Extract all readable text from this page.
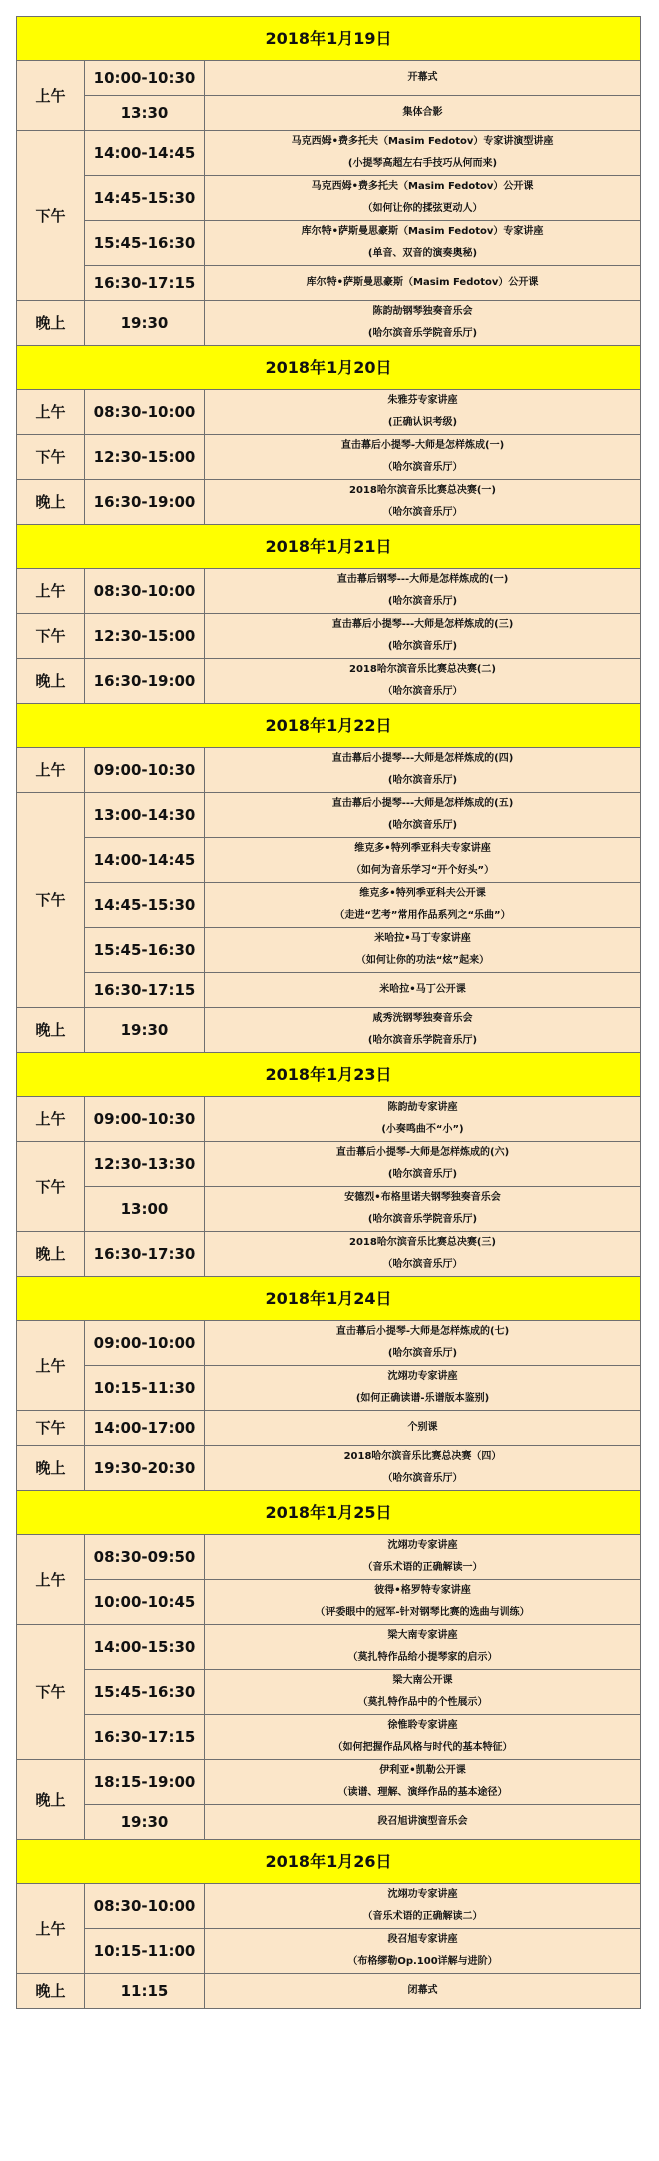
2018年1月19日		
上午	10:00-10:30	开幕式

	13:30	集体合影

下午	14:00-14:45	马克西姆•费多托夫（Masim Fedotov）专家讲演型讲座
(小提琴高超左右手技巧从何而来)

	14:45-15:30	马克西姆•费多托夫（Masim Fedotov）公开课
（如何让你的揉弦更动人）

	15:45-16:30	库尔特•萨斯曼思豪斯（Masim Fedotov）专家讲座
(单音、双音的演奏奥秘)

	16:30-17:15	库尔特•萨斯曼思豪斯（Masim Fedotov）公开课

晚上	19:30	陈韵劼钢琴独奏音乐会
(哈尔滨音乐学院音乐厅)

2018年1月20日		
上午	08:30-10:00	朱雅芬专家讲座
(正确认识考级)

下午	12:30-15:00	直击幕后小提琴-大师是怎样炼成(一)
（哈尔滨音乐厅）

晚上	16:30-19:00	2018哈尔滨音乐比赛总决赛(一)
（哈尔滨音乐厅）

2018年1月21日		
上午	08:30-10:00	直击幕后钢琴---大师是怎样炼成的(一)
(哈尔滨音乐厅)

下午	12:30-15:00	直击幕后小提琴---大师是怎样炼成的(三)
(哈尔滨音乐厅)

晚上	16:30-19:00	2018哈尔滨音乐比赛总决赛(二)
（哈尔滨音乐厅）

2018年1月22日		
上午	09:00-10:30	直击幕后小提琴---大师是怎样炼成的(四)
(哈尔滨音乐厅)

下午	13:00-14:30	直击幕后小提琴---大师是怎样炼成的(五)
(哈尔滨音乐厅)

	14:00-14:45	维克多•特列季亚科夫专家讲座
（如何为音乐学习“开个好头”）

	14:45-15:30	维克多•特列季亚科夫公开课
（走进“艺考”常用作品系列之“乐曲”）

	15:45-16:30	米哈拉•马丁专家讲座
（如何让你的功法“炫”起来）

	16:30-17:15	米哈拉•马丁公开课

晚上	19:30	咸秀洸钢琴独奏音乐会
(哈尔滨音乐学院音乐厅)

2018年1月23日		
上午	09:00-10:30	陈韵劼专家讲座
(小奏鸣曲不“小”)

下午	12:30-13:30	直击幕后小提琴-大师是怎样炼成的(六)
(哈尔滨音乐厅)

	13:00	安德烈•布格里诺夫钢琴独奏音乐会
(哈尔滨音乐学院音乐厅)

晚上	16:30-17:30	2018哈尔滨音乐比赛总决赛(三)
（哈尔滨音乐厅）

2018年1月24日		
上午	09:00-10:00	直击幕后小提琴-大师是怎样炼成的(七)
(哈尔滨音乐厅)

	10:15-11:30	沈翊功专家讲座
(如何正确读谱-乐谱版本鉴别)

下午	14:00-17:00	个别课

晚上	19:30-20:30	2018哈尔滨音乐比赛总决赛（四）
（哈尔滨音乐厅）

2018年1月25日		
上午	08:30-09:50	沈翊功专家讲座
（音乐术语的正确解读一）

	10:00-10:45	彼得•格罗特专家讲座
（评委眼中的冠军-针对钢琴比赛的选曲与训练）

下午	14:00-15:30	梁大南专家讲座
（莫扎特作品给小提琴家的启示）

	15:45-16:30	梁大南公开课
（莫扎特作品中的个性展示）

	16:30-17:15	徐惟聆专家讲座
（如何把握作品风格与时代的基本特征）

晚上	18:15-19:00	伊利亚•凯勒公开课
（读谱、理解、演绎作品的基本途径）

	19:30	段召旭讲演型音乐会

2018年1月26日		
上午	08:30-10:00	沈翊功专家讲座
（音乐术语的正确解读二）

	10:15-11:00	段召旭专家讲座
（布格缪勒Op.100详解与进阶）

晚上	11:15	闭幕式
